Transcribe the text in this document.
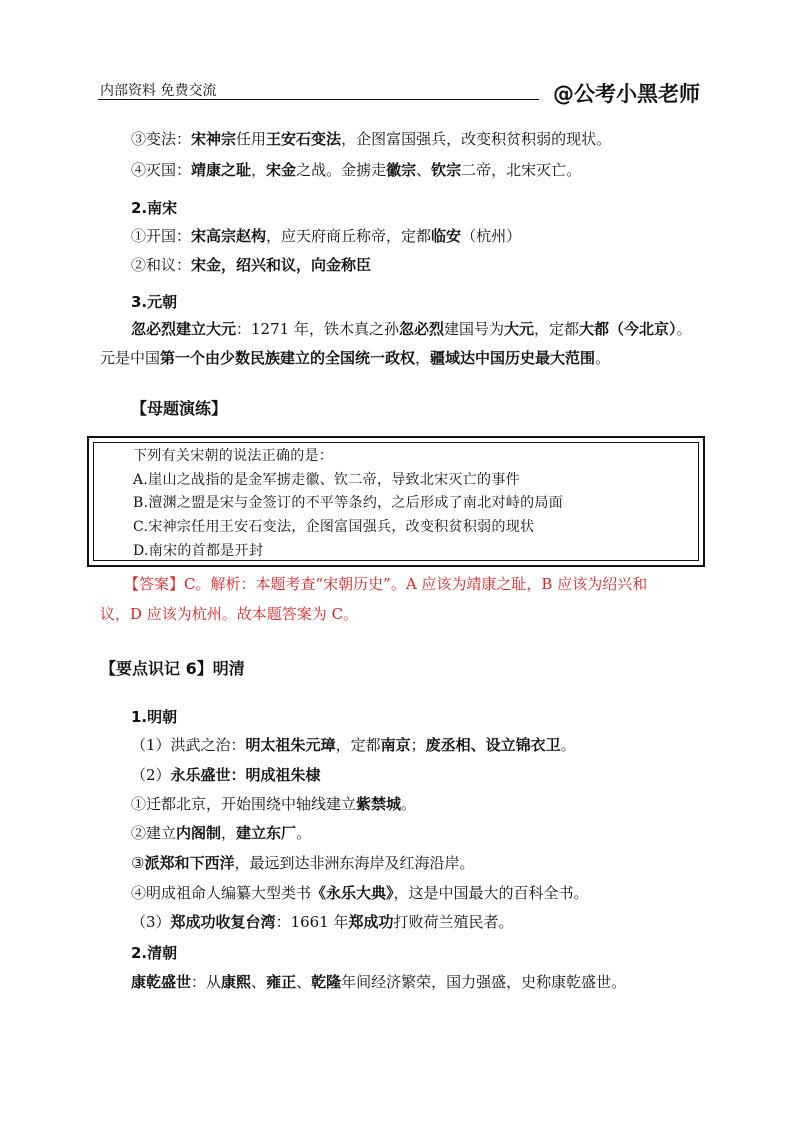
内部资料 免费交流	@公考小黑老师
③变法：宋神宗任用王安石变法，企图富国强兵，改变积贫积弱的现状。
④灭国：靖康之耻，宋金之战。金掳走徽宗、钦宗二帝，北宋灭亡。
2.南宋
①开国：宋高宗赵构，应天府商丘称帝，定都临安（杭州）
②和议：宋金，绍兴和议，向金称臣
3.元朝
忽必烈建立大元：1271 年，铁木真之孙忽必烈建国号为大元，定都大都（今北京）。
元是中国第一个由少数民族建立的全国统一政权，疆域达中国历史最大范围。
【母题演练】
下列有关宋朝的说法正确的是：
A.崖山之战指的是金军掳走徽、钦二帝，导致北宋灭亡的事件
B.澶渊之盟是宋与金签订的不平等条约，之后形成了南北对峙的局面
C.宋神宗任用王安石变法，企图富国强兵，改变积贫积弱的现状
D.南宋的首都是开封
【答案】C。解析：本题考查“宋朝历史”。A 应该为靖康之耻，B 应该为绍兴和
议，D 应该为杭州。故本题答案为 C。
【要点识记 6】明清
1.明朝
（1）洪武之治：明太祖朱元璋，定都南京；废丞相、设立锦衣卫。
（2）永乐盛世：明成祖朱棣
①迁都北京，开始围绕中轴线建立紫禁城。
②建立内阁制，建立东厂。
③派郑和下西洋，最远到达非洲东海岸及红海沿岸。
④明成祖命人编纂大型类书《永乐大典》，这是中国最大的百科全书。
（3）郑成功收复台湾：1661 年郑成功打败荷兰殖民者。
2.清朝
康乾盛世：从康熙、雍正、乾隆年间经济繁荣，国力强盛，史称康乾盛世。
